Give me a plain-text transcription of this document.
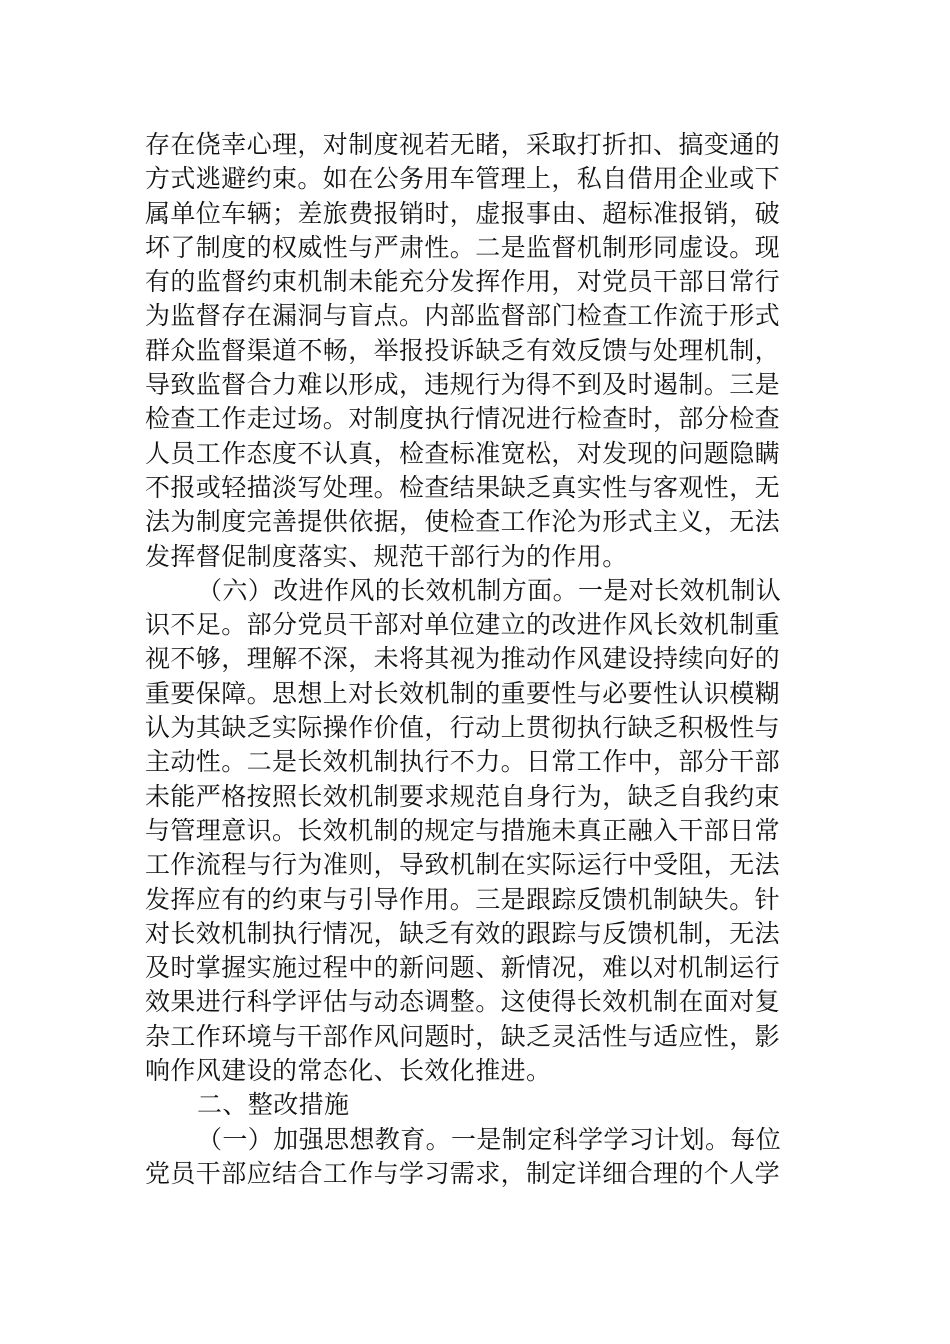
存在侥幸心理，对制度视若无睹，采取打折扣、搞变通的
方式逃避约束。如在公务用车管理上，私自借用企业或下
属单位车辆；差旅费报销时，虚报事由、超标准报销，破
坏了制度的权威性与严肃性。二是监督机制形同虚设。现
有的监督约束机制未能充分发挥作用，对党员干部日常行
为监督存在漏洞与盲点。内部监督部门检查工作流于形式
群众监督渠道不畅，举报投诉缺乏有效反馈与处理机制，
导致监督合力难以形成，违规行为得不到及时遏制。三是
检查工作走过场。对制度执行情况进行检查时，部分检查
人员工作态度不认真，检查标准宽松，对发现的问题隐瞒
不报或轻描淡写处理。检查结果缺乏真实性与客观性，无
法为制度完善提供依据，使检查工作沦为形式主义，无法
发挥督促制度落实、规范干部行为的作用。
（六）改进作风的长效机制方面。一是对长效机制认
识不足。部分党员干部对单位建立的改进作风长效机制重
视不够，理解不深，未将其视为推动作风建设持续向好的
重要保障。思想上对长效机制的重要性与必要性认识模糊
认为其缺乏实际操作价值，行动上贯彻执行缺乏积极性与
主动性。二是长效机制执行不力。日常工作中，部分干部
未能严格按照长效机制要求规范自身行为，缺乏自我约束
与管理意识。长效机制的规定与措施未真正融入干部日常
工作流程与行为准则，导致机制在实际运行中受阻，无法
发挥应有的约束与引导作用。三是跟踪反馈机制缺失。针
对长效机制执行情况，缺乏有效的跟踪与反馈机制，无法
及时掌握实施过程中的新问题、新情况，难以对机制运行
效果进行科学评估与动态调整。这使得长效机制在面对复
杂工作环境与干部作风问题时，缺乏灵活性与适应性，影
响作风建设的常态化、长效化推进。
二、整改措施
（一）加强思想教育。一是制定科学学习计划。每位
党员干部应结合工作与学习需求，制定详细合理的个人学
